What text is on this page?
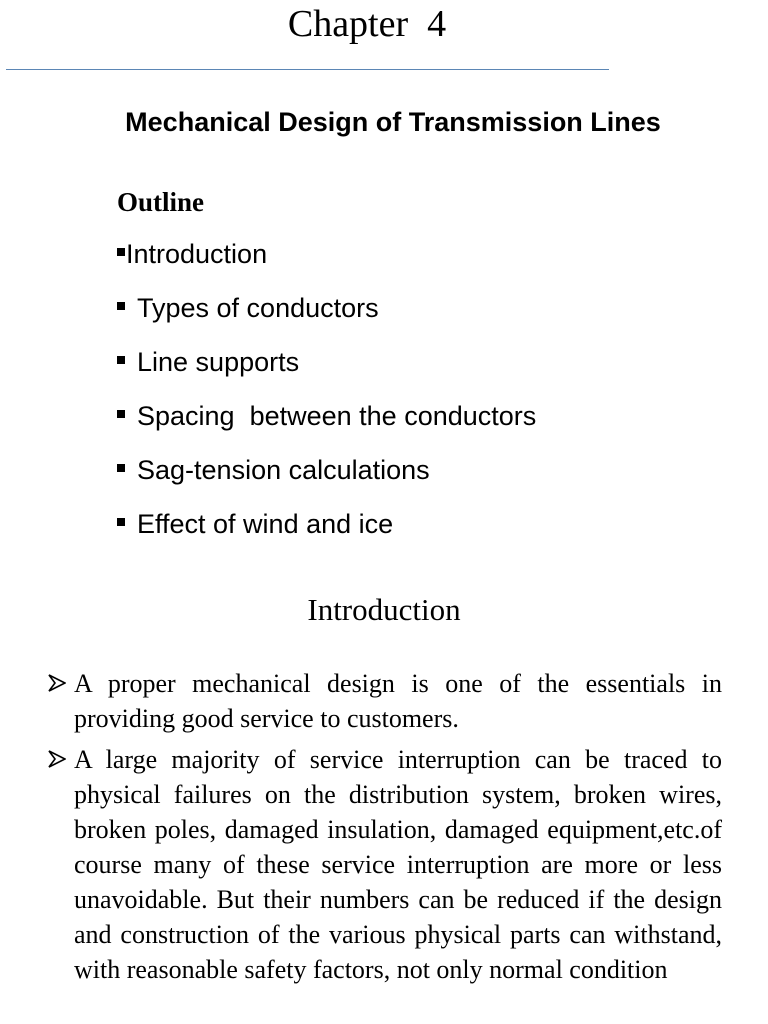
Chapter  4
Mechanical Design of Transmission Lines
Outline
Introduction
Types of conductors
Line supports
Spacing  between the conductors
Sag-tension calculations
Effect of wind and ice
Introduction
A proper mechanical design is one of the essentials in providing good service to customers.
A large majority of service interruption can be traced to physical failures on the distribution system, broken wires, broken poles, damaged insulation, damaged equipment,etc.of course many of these service interruption are more or less unavoidable. But their numbers can be reduced if the design and construction of the various physical parts can withstand, with reasonable safety factors, not only normal condition
